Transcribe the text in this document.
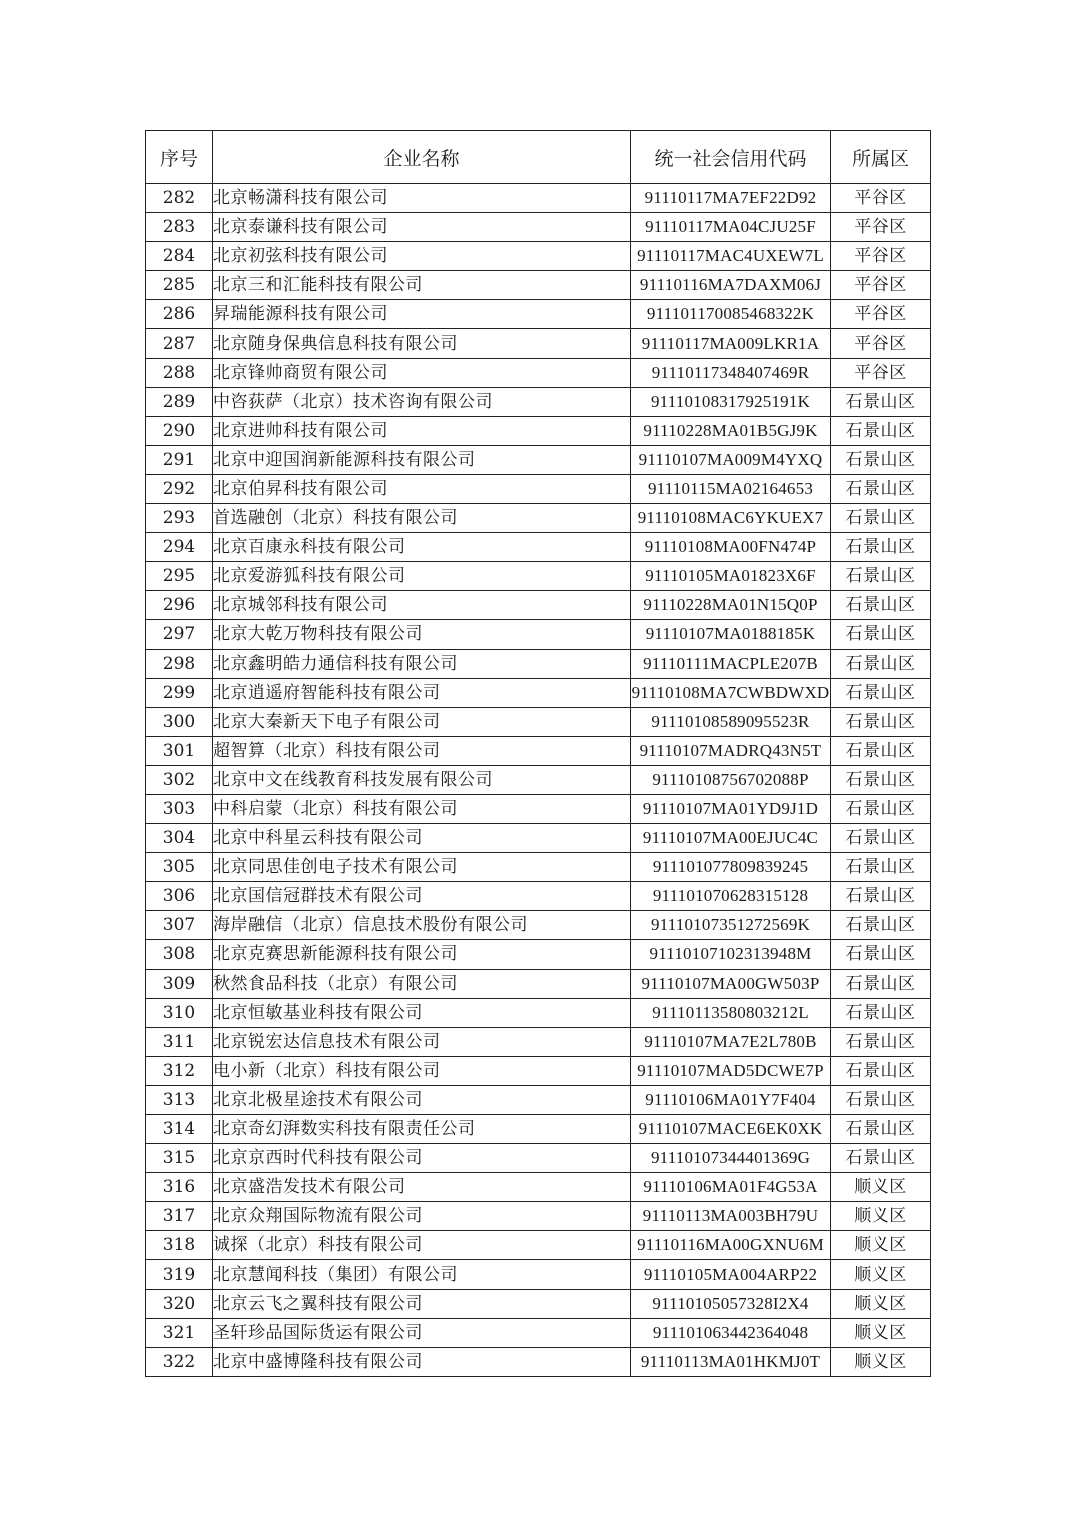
序号	企业名称	统一社会信用代码	所属区
282	北京畅潇科技有限公司	91110117MA7EF22D92	平谷区
283	北京泰谦科技有限公司	91110117MA04CJU25F	平谷区
284	北京初弦科技有限公司	91110117MAC4UXEW7L	平谷区
285	北京三和汇能科技有限公司	91110116MA7DAXM06J	平谷区
286	昇瑞能源科技有限公司	911101170085468322K	平谷区
287	北京随身保典信息科技有限公司	91110117MA009LKR1A	平谷区
288	北京锋帅商贸有限公司	91110117348407469R	平谷区
289	中咨荻萨（北京）技术咨询有限公司	91110108317925191K	石景山区
290	北京进帅科技有限公司	91110228MA01B5GJ9K	石景山区
291	北京中迎国润新能源科技有限公司	91110107MA009M4YXQ	石景山区
292	北京伯昇科技有限公司	91110115MA02164653	石景山区
293	首选融创（北京）科技有限公司	91110108MAC6YKUEX7	石景山区
294	北京百康永科技有限公司	91110108MA00FN474P	石景山区
295	北京爱游狐科技有限公司	91110105MA01823X6F	石景山区
296	北京城邻科技有限公司	91110228MA01N15Q0P	石景山区
297	北京大乾万物科技有限公司	91110107MA0188185K	石景山区
298	北京鑫明皓力通信科技有限公司	91110111MACPLE207B	石景山区
299	北京逍遥府智能科技有限公司	91110108MA7CWBDWXD	石景山区
300	北京大秦新天下电子有限公司	91110108589095523R	石景山区
301	超智算（北京）科技有限公司	91110107MADRQ43N5T	石景山区
302	北京中文在线教育科技发展有限公司	91110108756702088P	石景山区
303	中科启蒙（北京）科技有限公司	91110107MA01YD9J1D	石景山区
304	北京中科星云科技有限公司	91110107MA00EJUC4C	石景山区
305	北京同思佳创电子技术有限公司	911101077809839245	石景山区
306	北京国信冠群技术有限公司	911101070628315128	石景山区
307	海岸融信（北京）信息技术股份有限公司	91110107351272569K	石景山区
308	北京克赛思新能源科技有限公司	91110107102313948M	石景山区
309	秋然食品科技（北京）有限公司	91110107MA00GW503P	石景山区
310	北京恒敏基业科技有限公司	91110113580803212L	石景山区
311	北京锐宏达信息技术有限公司	91110107MA7E2L780B	石景山区
312	电小新（北京）科技有限公司	91110107MAD5DCWE7P	石景山区
313	北京北极星途技术有限公司	91110106MA01Y7F404	石景山区
314	北京奇幻湃数实科技有限责任公司	91110107MACE6EK0XK	石景山区
315	北京京西时代科技有限公司	91110107344401369G	石景山区
316	北京盛浩发技术有限公司	91110106MA01F4G53A	顺义区
317	北京众翔国际物流有限公司	91110113MA003BH79U	顺义区
318	诚探（北京）科技有限公司	91110116MA00GXNU6M	顺义区
319	北京慧闻科技（集团）有限公司	91110105MA004ARP22	顺义区
320	北京云飞之翼科技有限公司	91110105057328I2X4	顺义区
321	圣轩珍品国际货运有限公司	911101063442364048	顺义区
322	北京中盛博隆科技有限公司	91110113MA01HKMJ0T	顺义区
